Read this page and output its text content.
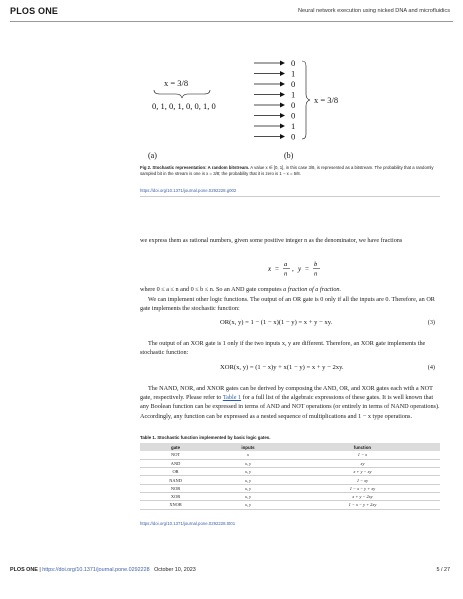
PLOS ONE	Neural network execution using nicked DNA and microfluidics
x = 3/8
0, 1, 0, 1, 0, 0, 1, 0
0
1
0
1
0
0
1
0
x = 3/8
(a)	(b)
Fig 2. Stochastic representation: A random bitstream. A value x ∈ [0, 1], in this case 3/8, is represented as a bitstream. The probability that a randomly sampled bit in the stream is one is x = 3/8; the probability that it is zero is 1 − x = 5/8.
https://doi.org/10.1371/journal.pone.0292228.g002
we express them as rational numbers, given some positive integer n as the denominator, we have fractions
x =
a
n
, y =
b
n
where 0 ≤ a ≤ n and 0 ≤ b ≤ n. So an AND gate computes a fraction of a fraction.
We can implement other logic functions. The output of an OR gate is 0 only if all the inputs are 0. Therefore, an OR gate implements the stochastic function:
OR(x, y) = 1 − (1 − x)(1 − y) = x + y − xy.	(3)
The output of an XOR gate is 1 only if the two inputs x, y are different. Therefore, an XOR gate implements the stochastic function:
XOR(x, y) = (1 − x)y + x(1 − y) = x + y − 2xy.	(4)
The NAND, NOR, and XNOR gates can be derived by composing the AND, OR, and XOR gates each with a NOT gate, respectively. Please refer to Table 1 for a full list of the algebraic expressions of these gates. It is well known that any Boolean function can be expressed in terms of AND and NOT operations (or entirely in terms of NAND operations). Accordingly, any function can be expressed as a nested sequence of multiplications and 1 − x type operations.
Table 1. Stochastic function implemented by basic logic gates.
gate	inputs	function
NOT	x	1 − x
AND	x, y	xy
OR	x, y	x + y − xy
NAND	x, y	1 − xy
NOR	x, y	1 − x − y + xy
XOR	x, y	x + y − 2xy
XNOR	x, y	1 − x − y + 2xy
https://doi.org/10.1371/journal.pone.0292228.t001
PLOS ONE | https://doi.org/10.1371/journal.pone.0292228 October 10, 2023	5 / 27
